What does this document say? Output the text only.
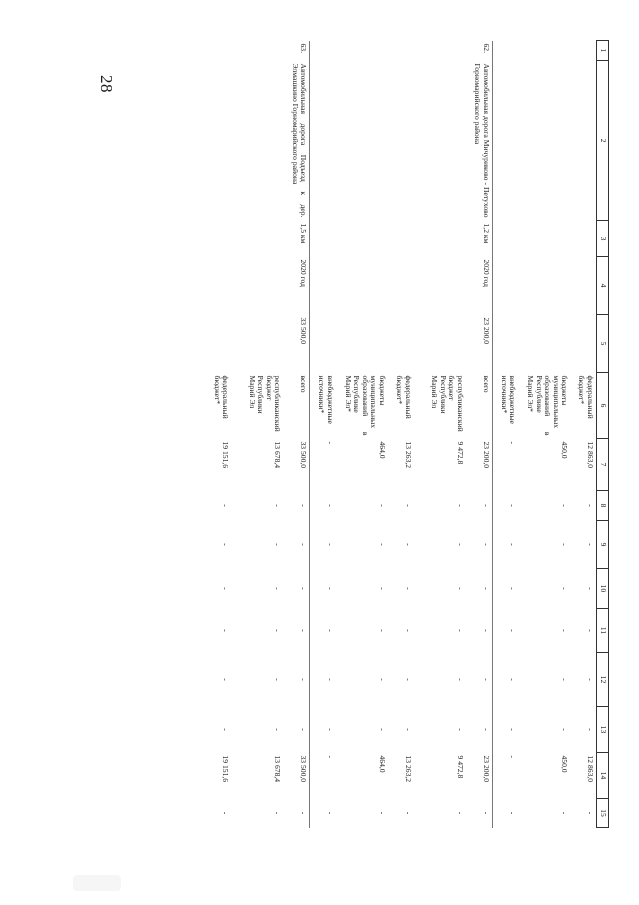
28
1	2	3	4	5	6	7	8	9	10	11	12	13	14	15
					федеральный бюджет*	12 863,0	-	-	-	-	-	-	12 863,0	-
					бюджеты муниципальных образований в Республике Марий Эл*	450,0	-	-	-	-	-	-	450,0	-
					внебюджетные источники*	-	-	-	-	-	-	-	-	-

62.	Автомобильная дорога Мичуриково - Петухово Горномарийского района	1,2 км	2020 год	23 200,0	всего	23 200,0	-	-	-	-	-	-	23 200,0	-
					республиканский бюджет Республики Марий Эл	9 472,8	-	-	-	-	-	-	9 472,8	-
					федеральный бюджет*	13 263,2	-	-	-	-	-	-	13 263,2	-
					бюджеты муниципальных образований в Республике Марий Эл*	464,0	-	-	-	-	-	-	464,0	-
					внебюджетные источники*	-	-	-	-	-	-	-	-	-

63.	Автомобильная дорога Подъезд к дер. Элмашкино Горномарийского района	1,5 км	2020 год	33 500,0	всего	33 500,0	-	-	-	-	-	-	33 500,0	-
					республиканский бюджет Республики Марий Эл	13 678,4	-	-	-	-	-	-	13 678,4	-
					федеральный бюджет*	19 151,6	-	-	-	-	-	-	19 151,6	-
